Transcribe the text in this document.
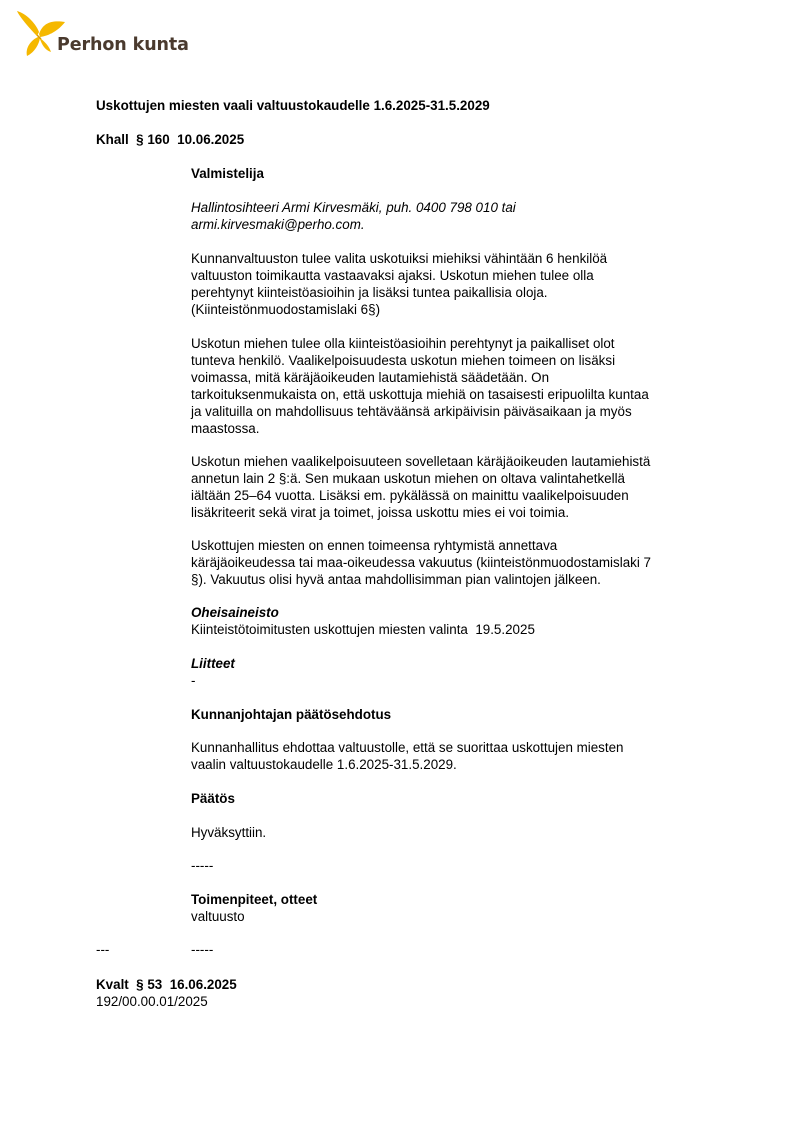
Perhon kunta
Uskottujen miesten vaali valtuustokaudelle 1.6.2025-31.5.2029
Khall  § 160  10.06.2025
Valmistelija

Hallintosihteeri Armi Kirvesmäki, puh. 0400 798 010 tai

armi.kirvesmaki@perho.com.

Kunnanvaltuuston tulee valita uskotuiksi miehiksi vähintään 6 henkilöä

valtuuston toimikautta vastaavaksi ajaksi. Uskotun miehen tulee olla

perehtynyt kiinteistöasioihin ja lisäksi tuntea paikallisia oloja.

(Kiinteistönmuodostamislaki 6§)

Uskotun miehen tulee olla kiinteistöasioihin perehtynyt ja paikalliset olot

tunteva henkilö. Vaalikelpoisuudesta uskotun miehen toimeen on lisäksi

voimassa, mitä käräjäoikeuden lautamiehistä säädetään. On

tarkoituksenmukaista on, että uskottuja miehiä on tasaisesti eripuolilta kuntaa

ja valituilla on mahdollisuus tehtäväänsä arkipäivisin päiväsaikaan ja myös

maastossa.

Uskotun miehen vaalikelpoisuuteen sovelletaan käräjäoikeuden lautamiehistä

annetun lain 2 §:ä. Sen mukaan uskotun miehen on oltava valintahetkellä

iältään 25–64 vuotta. Lisäksi em. pykälässä on mainittu vaalikelpoisuuden

lisäkriteerit sekä virat ja toimet, joissa uskottu mies ei voi toimia.

Uskottujen miesten on ennen toimeensa ryhtymistä annettava

käräjäoikeudessa tai maa-oikeudessa vakuutus (kiinteistönmuodostamislaki 7

§). Vakuutus olisi hyvä antaa mahdollisimman pian valintojen jälkeen.

Oheisaineisto
Kiinteistötoimitusten uskottujen miesten valinta  19.5.2025
Liitteet
-
Kunnanjohtajan päätösehdotus

Kunnanhallitus ehdottaa valtuustolle, että se suorittaa uskottujen miesten

vaalin valtuustokaudelle 1.6.2025-31.5.2029.

Päätös
Hyväksyttiin.
-----
Toimenpiteet, otteet
valtuusto
---	-----
Kvalt  § 53  16.06.2025
192/00.00.01/2025
